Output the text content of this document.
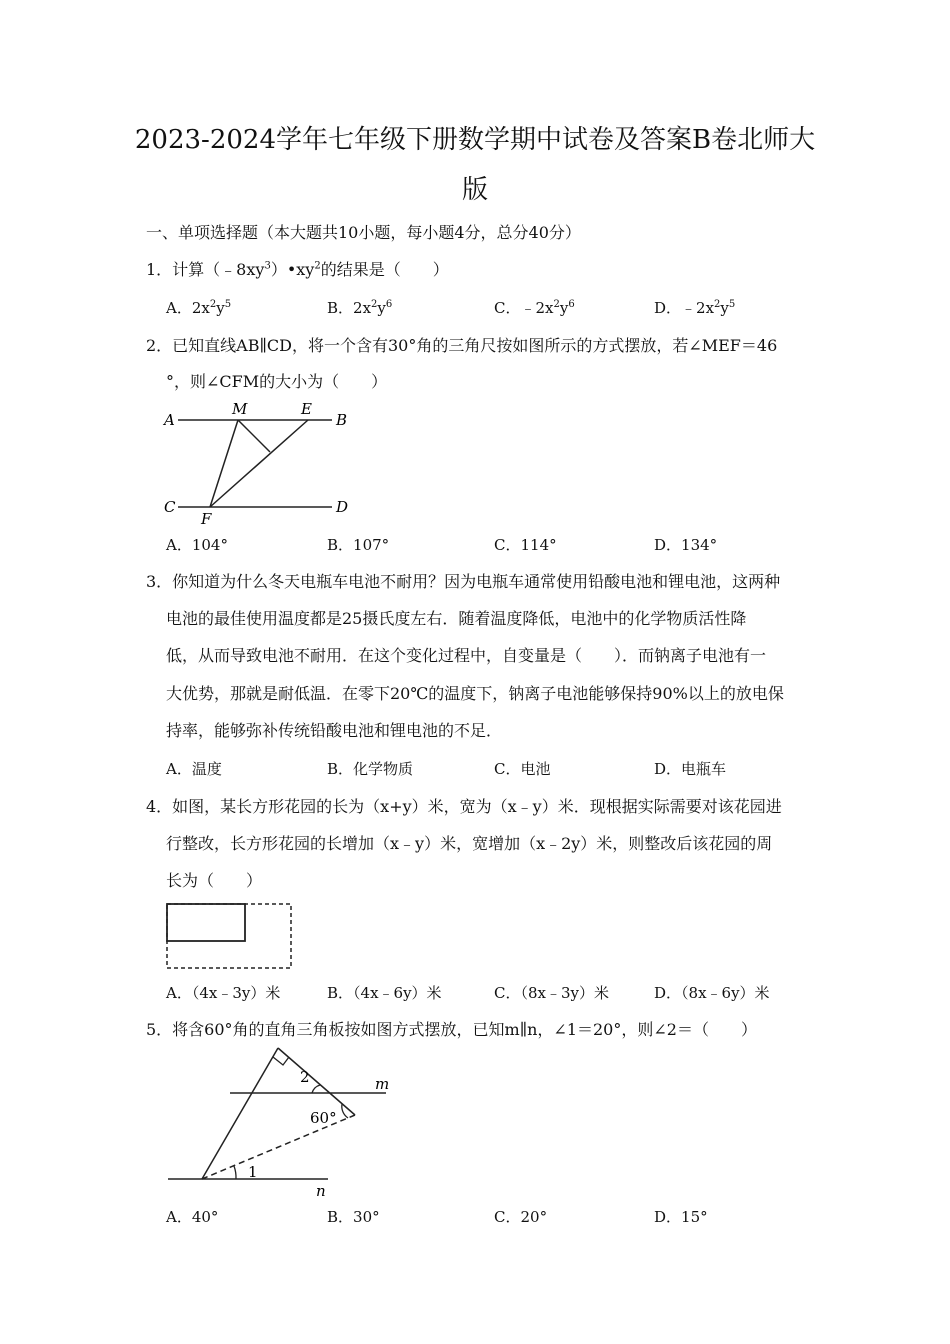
2023-2024学年七年级下册数学期中试卷及答案B卷北师大
版
一、单项选择题（本大题共10小题，每小题4分，总分40分）
1．计算$(﹣8xy^3)•xy^2$的结果是（　　）
A．$2x^2y^5$	B．$2x^2y^6$	C．$﹣2x^2y^6$	D．$﹣2x^2y^5$
2．已知直线AB∥CD，将一个含有30°角的三角尺按如图所示的方式摆放，若∠MEF＝46
°，则∠CFM的大小为（　　）
A
M	E
B
C
F
D
A．104°	B．107°	C．114°	D．134°
3．你知道为什么冬天电瓶车电池不耐用？因为电瓶车通常使用铅酸电池和锂电池，这两种
电池的最佳使用温度都是25摄氏度左右．随着温度降低，电池中的化学物质活性降
低，从而导致电池不耐用．在这个变化过程中，自变量是（　　）．而钠离子电池有一
大优势，那就是耐低温．在零下20℃的温度下，钠离子电池能够保持90%以上的放电保
持率，能够弥补传统铅酸电池和锂电池的不足．
A．温度	B．化学物质	C．电池	D．电瓶车
4．如图，某长方形花园的长为（x+y）米，宽为（x﹣y）米．现根据实际需要对该花园进
行整改，长方形花园的长增加（x﹣y）米，宽增加（x﹣2y）米，则整改后该花园的周
长为（　　）
A．（4x﹣3y）米	B．（4x﹣6y）米	C．（8x﹣3y）米	D．（8x﹣6y）米
5．将含60°角的直角三角板按如图方式摆放，已知m∥n，∠1＝20°，则∠2＝（　　）
2	m
60°
1
n
A．40°	B．30°	C．20°	D．15°
